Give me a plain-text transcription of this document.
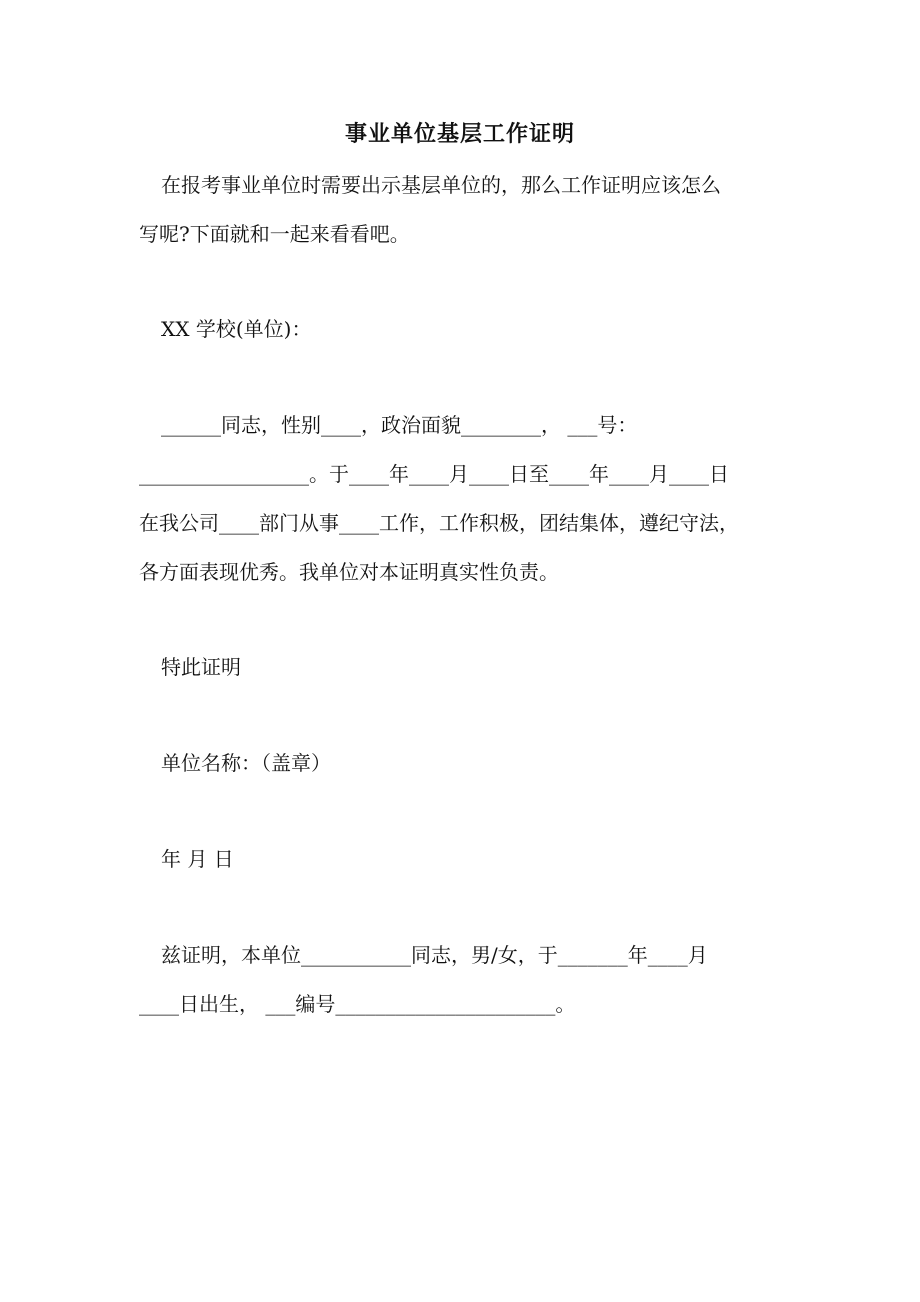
事业单位基层工作证明
在报考事业单位时需要出示基层单位的，那么工作证明应该怎么
写呢?下面就和一起来看看吧。
XX 学校(单位)：
______同志，性别____，政治面貌________， ___号：
_________________。于____年____月____日至____年____月____日
在我公司____部门从事____工作，工作积极，团结集体，遵纪守法，
各方面表现优秀。我单位对本证明真实性负责。
特此证明
单位名称：（盖章）
年 月 日
兹证明，本单位___________同志，男/女，于_______年____月
____日出生， ___编号______________________。
